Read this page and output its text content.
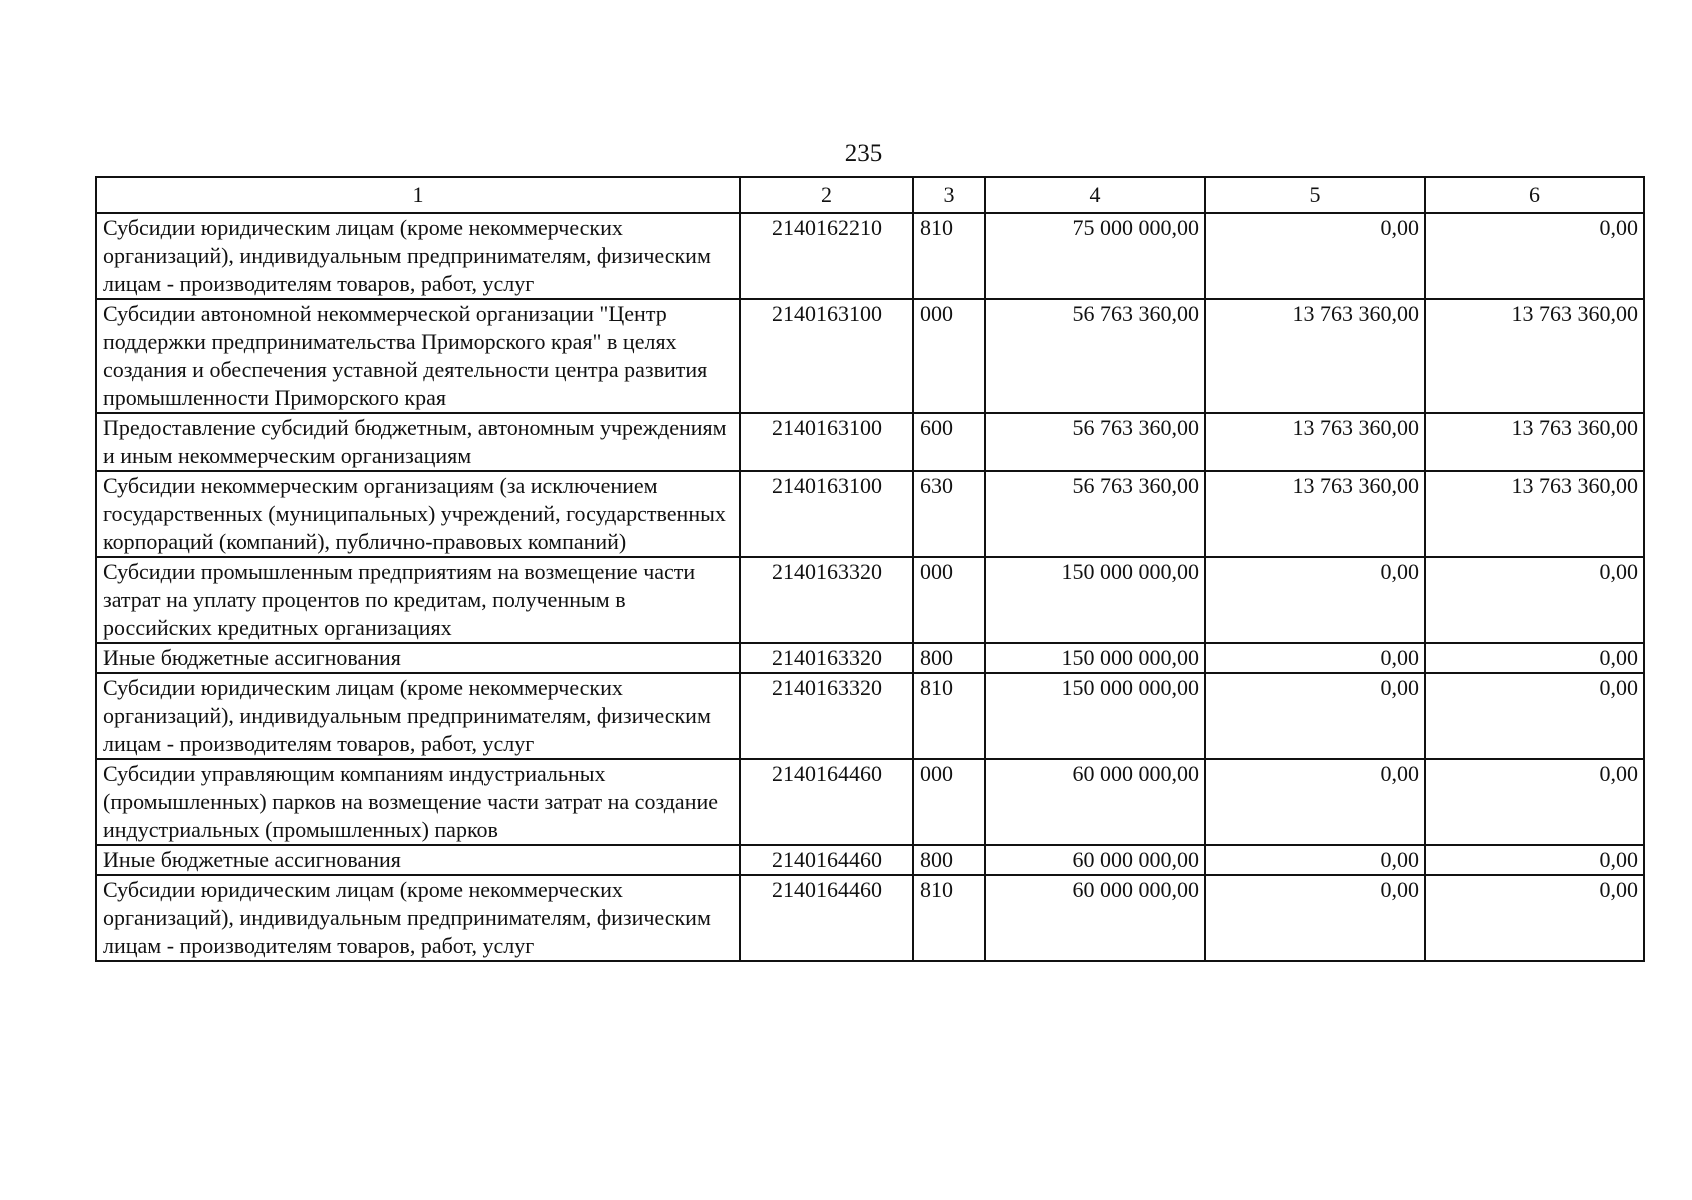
235
1	2	3	4	5	6
Субсидии юридическим лицам (кроме некоммерческих организаций), индивидуальным предпринимателям, физическим лицам - производителям товаров, работ, услуг	2140162210	810	75 000 000,00	0,00	0,00
Субсидии автономной некоммерческой организации "Центр поддержки предпринимательства Приморского края" в целях создания и обеспечения уставной деятельности центра развития промышленности Приморского края	2140163100	000	56 763 360,00	13 763 360,00	13 763 360,00
Предоставление субсидий бюджетным, автономным учреждениям и иным некоммерческим организациям	2140163100	600	56 763 360,00	13 763 360,00	13 763 360,00
Субсидии некоммерческим организациям (за исключением государственных (муниципальных) учреждений, государственных корпораций (компаний), публично-правовых компаний)	2140163100	630	56 763 360,00	13 763 360,00	13 763 360,00
Субсидии промышленным предприятиям на возмещение части затрат на уплату процентов по кредитам, полученным в российских кредитных организациях	2140163320	000	150 000 000,00	0,00	0,00
Иные бюджетные ассигнования	2140163320	800	150 000 000,00	0,00	0,00
Субсидии юридическим лицам (кроме некоммерческих организаций), индивидуальным предпринимателям, физическим лицам - производителям товаров, работ, услуг	2140163320	810	150 000 000,00	0,00	0,00
Субсидии управляющим компаниям индустриальных (промышленных) парков на возмещение части затрат на создание индустриальных (промышленных) парков	2140164460	000	60 000 000,00	0,00	0,00
Иные бюджетные ассигнования	2140164460	800	60 000 000,00	0,00	0,00
Субсидии юридическим лицам (кроме некоммерческих организаций), индивидуальным предпринимателям, физическим лицам - производителям товаров, работ, услуг	2140164460	810	60 000 000,00	0,00	0,00
